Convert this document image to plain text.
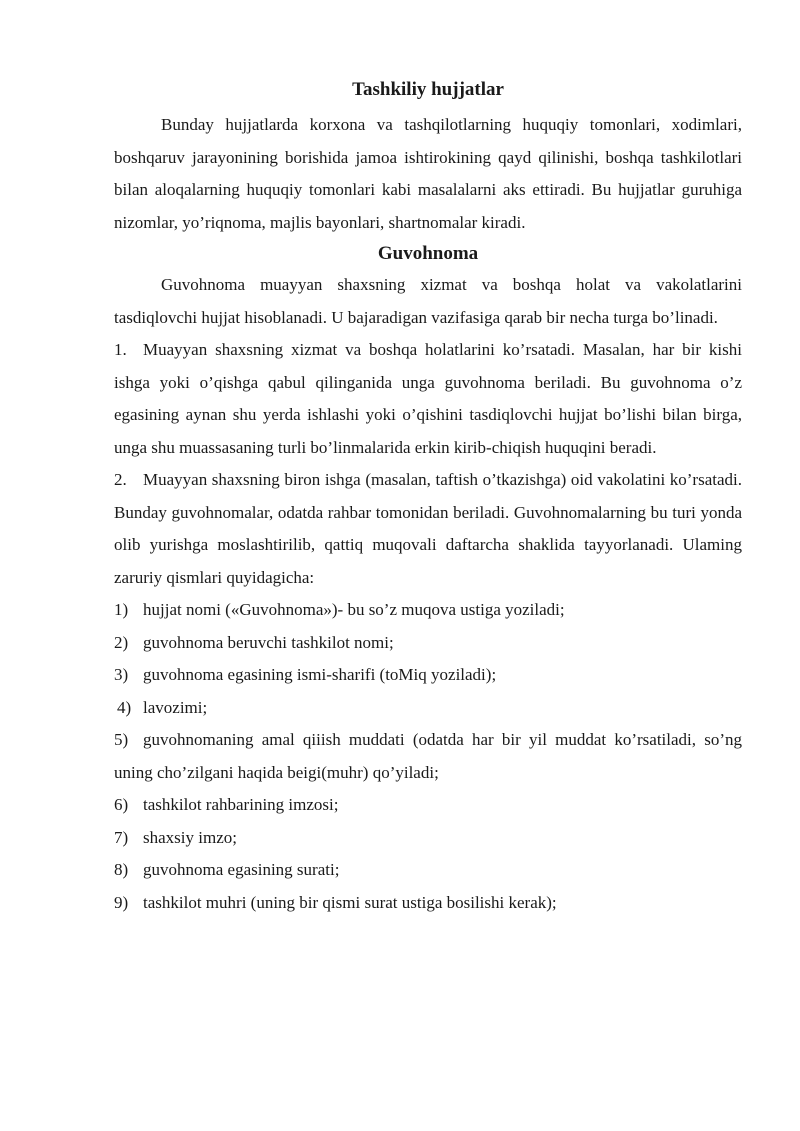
Tashkiliy hujjatlar

Bunday hujjatlarda korxona va tashqilotlarning huquqiy tomonlari, xodimlari, boshqaruv jarayonining borishida jamoa ishtirokining qayd qilinishi, boshqa tashkilotlari bilan aloqalarning huquqiy tomonlari kabi masalalarni aks ettiradi. Bu hujjatlar guruhiga nizomlar, yo’riqnoma, majlis bayonlari, shartnomalar kiradi.

Guvohnoma

Guvohnoma muayyan shaxsning xizmat va boshqa holat va vakolatlarini tasdiqlovchi hujjat hisoblanadi. U bajaradigan vazifasiga qarab bir necha turga bo’linadi.

1. Muayyan shaxsning xizmat va boshqa holatlarini ko’rsatadi. Masalan, har bir kishi ishga yoki o’qishga qabul qilinganida unga guvohnoma beriladi. Bu guvohnoma o’z egasining aynan shu yerda ishlashi yoki o’qishini tasdiqlovchi hujjat bo’lishi bilan birga, unga shu muassasaning turli bo’linmalarida erkin kirib-chiqish huquqini beradi.
2. Muayyan shaxsning biron ishga (masalan, taftish o’tkazishga) oid vakolatini ko’rsatadi. Bunday guvohnomalar, odatda rahbar tomonidan beriladi. Guvohnomalarning bu turi yonda olib yurishga moslashtirilib, qattiq muqovali daftarcha shaklida tayyorlanadi. Ulaming zaruriy qismlari quyidagicha:
1) hujjat nomi («Guvohnoma»)- bu so’z muqova ustiga yoziladi;
2) guvohnoma beruvchi tashkilot nomi;
3) guvohnoma egasining ismi-sharifi (toMiq yoziladi);
4) lavozimi;
5) guvohnomaning amal qiiish muddati (odatda har bir yil muddat ko’rsatiladi, so’ng uning cho’zilgani haqida beigi(muhr) qo’yiladi;
6) tashkilot rahbarining imzosi;
7) shaxsiy imzo;
8) guvohnoma egasining surati;
9) tashkilot muhri (uning bir qismi surat ustiga bosilishi kerak);
